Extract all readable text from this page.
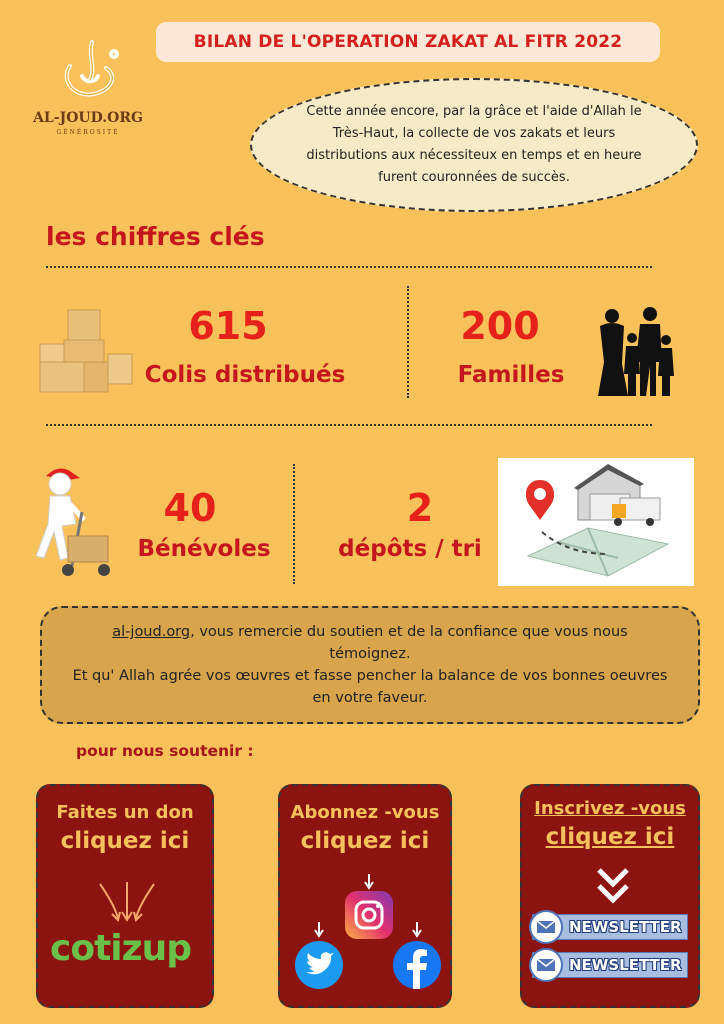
BILAN DE L'OPERATION ZAKAT AL FITR 2022
AL-JOUD.ORG
GÉNÉROSITÉ

Cette année encore, par la grâce et l'aide d'Allah le Très-Haut, la collecte de vos zakats et leurs distributions aux nécessiteux en temps et en heure furent couronnées de succès.

les chiffres clés
615
Colis distribués
200
Familles
40
Bénévoles
2
dépôts / tri
al-joud.org, vous remercie du soutien et de la confiance que vous nous témoignez.
Et qu' Allah agrée vos œuvres et fasse pencher la balance de vos bonnes oeuvres en votre faveur.
pour nous soutenir :
Faites un don
cliquez ici
cotizup
Abonnez -vous
cliquez ici
Inscrivez -vous
cliquez ici
NEWSLETTER
NEWSLETTER
